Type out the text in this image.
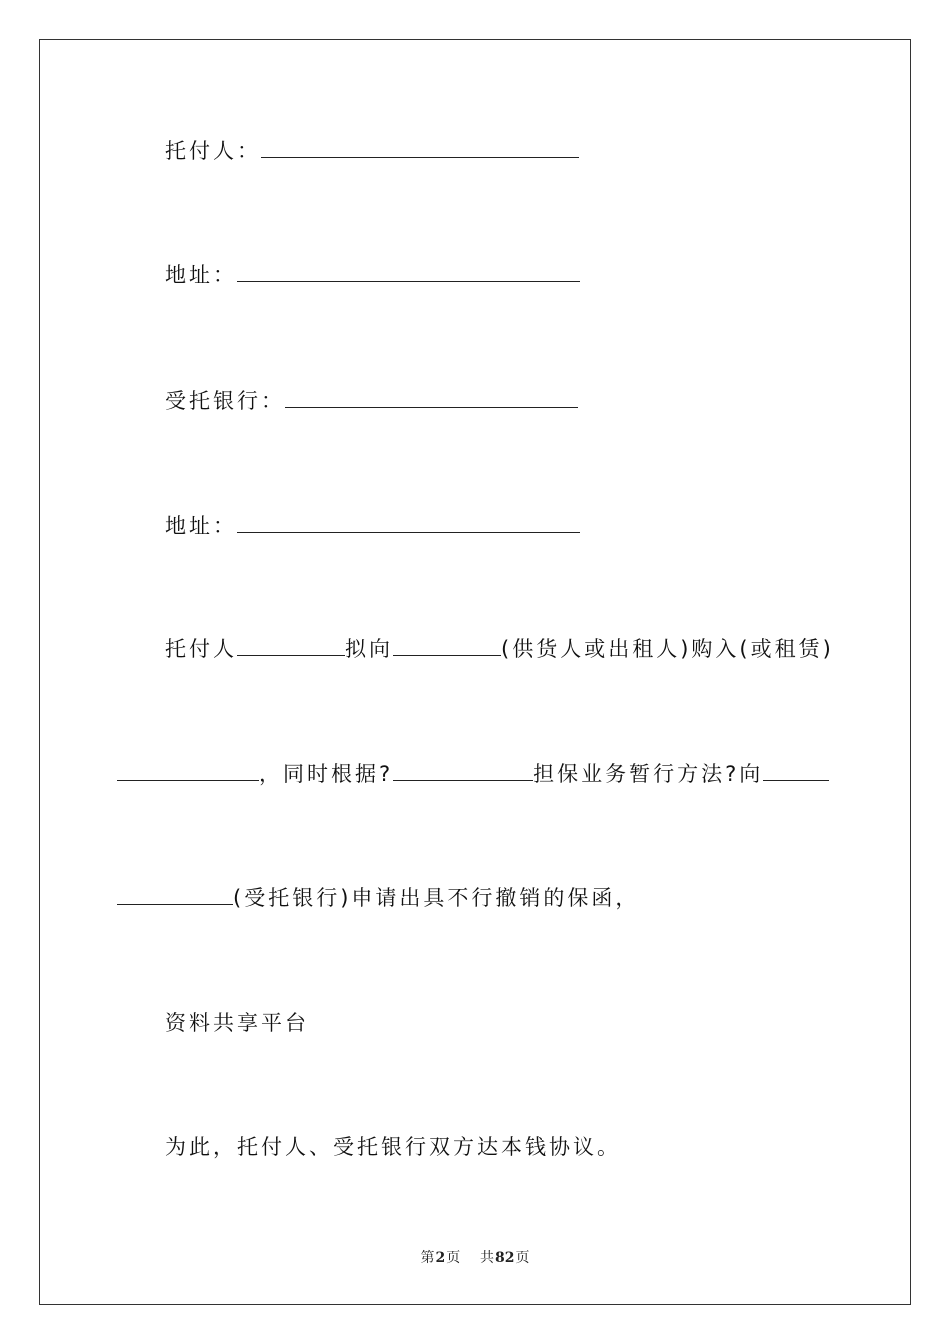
托付人：
地址：
受托银行：
地址：
托付人	拟向	(供货人或出租人)购入(或租赁)
，同时根据?	担保业务暂行方法?向
(受托银行)申请出具不行撤销的保函，
资料共享平台
为此，托付人、受托银行双方达本钱协议。
第2页 共82页
